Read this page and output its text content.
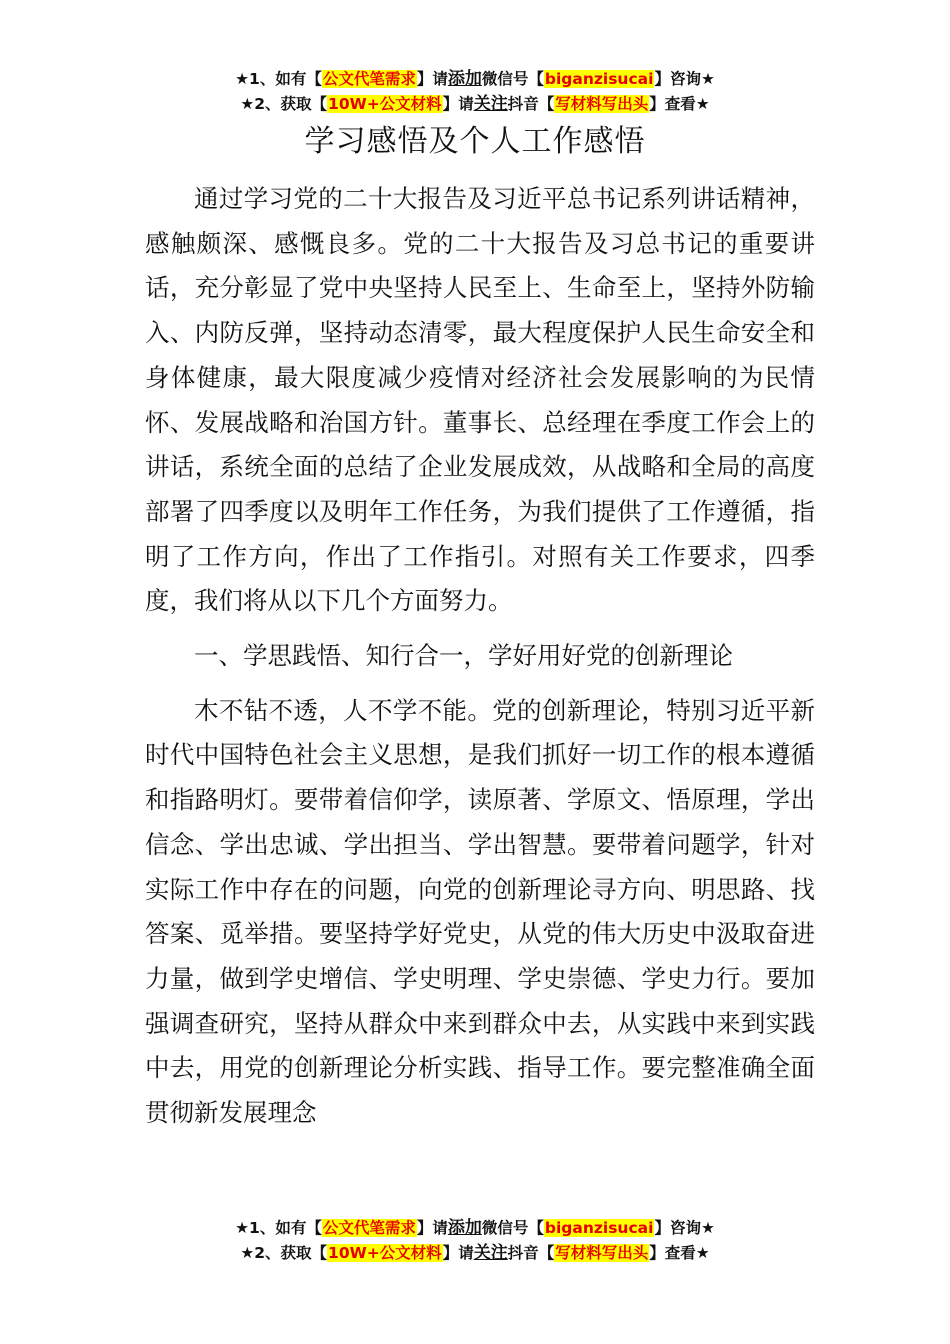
★1、如有【公文代笔需求】请添加微信号【biganzisucai】咨询★
★2、获取【10W+公文材料】请关注抖音【写材料写出头】查看★
学习感悟及个人工作感悟

通过学习党的二十大报告及习近平总书记系列讲话精神，感触颇深、感慨良多。党的二十大报告及习总书记的重要讲话，充分彰显了党中央坚持人民至上、生命至上，坚持外防输入、内防反弹，坚持动态清零，最大程度保护人民生命安全和身体健康，最大限度减少疫情对经济社会发展影响的为民情怀、发展战略和治国方针。董事长、总经理在季度工作会上的讲话，系统全面的总结了企业发展成效，从战略和全局的高度部署了四季度以及明年工作任务，为我们提供了工作遵循，指明了工作方向，作出了工作指引。对照有关工作要求，四季度，我们将从以下几个方面努力。

一、学思践悟、知行合一，学好用好党的创新理论

木不钻不透，人不学不能。党的创新理论，特别习近平新时代中国特色社会主义思想，是我们抓好一切工作的根本遵循和指路明灯。要带着信仰学，读原著、学原文、悟原理，学出信念、学出忠诚、学出担当、学出智慧。要带着问题学，针对实际工作中存在的问题，向党的创新理论寻方向、明思路、找答案、觅举措。要坚持学好党史，从党的伟大历史中汲取奋进力量，做到学史增信、学史明理、学史崇德、学史力行。要加强调查研究，坚持从群众中来到群众中去，从实践中来到实践中去，用党的创新理论分析实践、指导工作。要完整准确全面贯彻新发展理念

★1、如有【公文代笔需求】请添加微信号【biganzisucai】咨询★
★2、获取【10W+公文材料】请关注抖音【写材料写出头】查看★
